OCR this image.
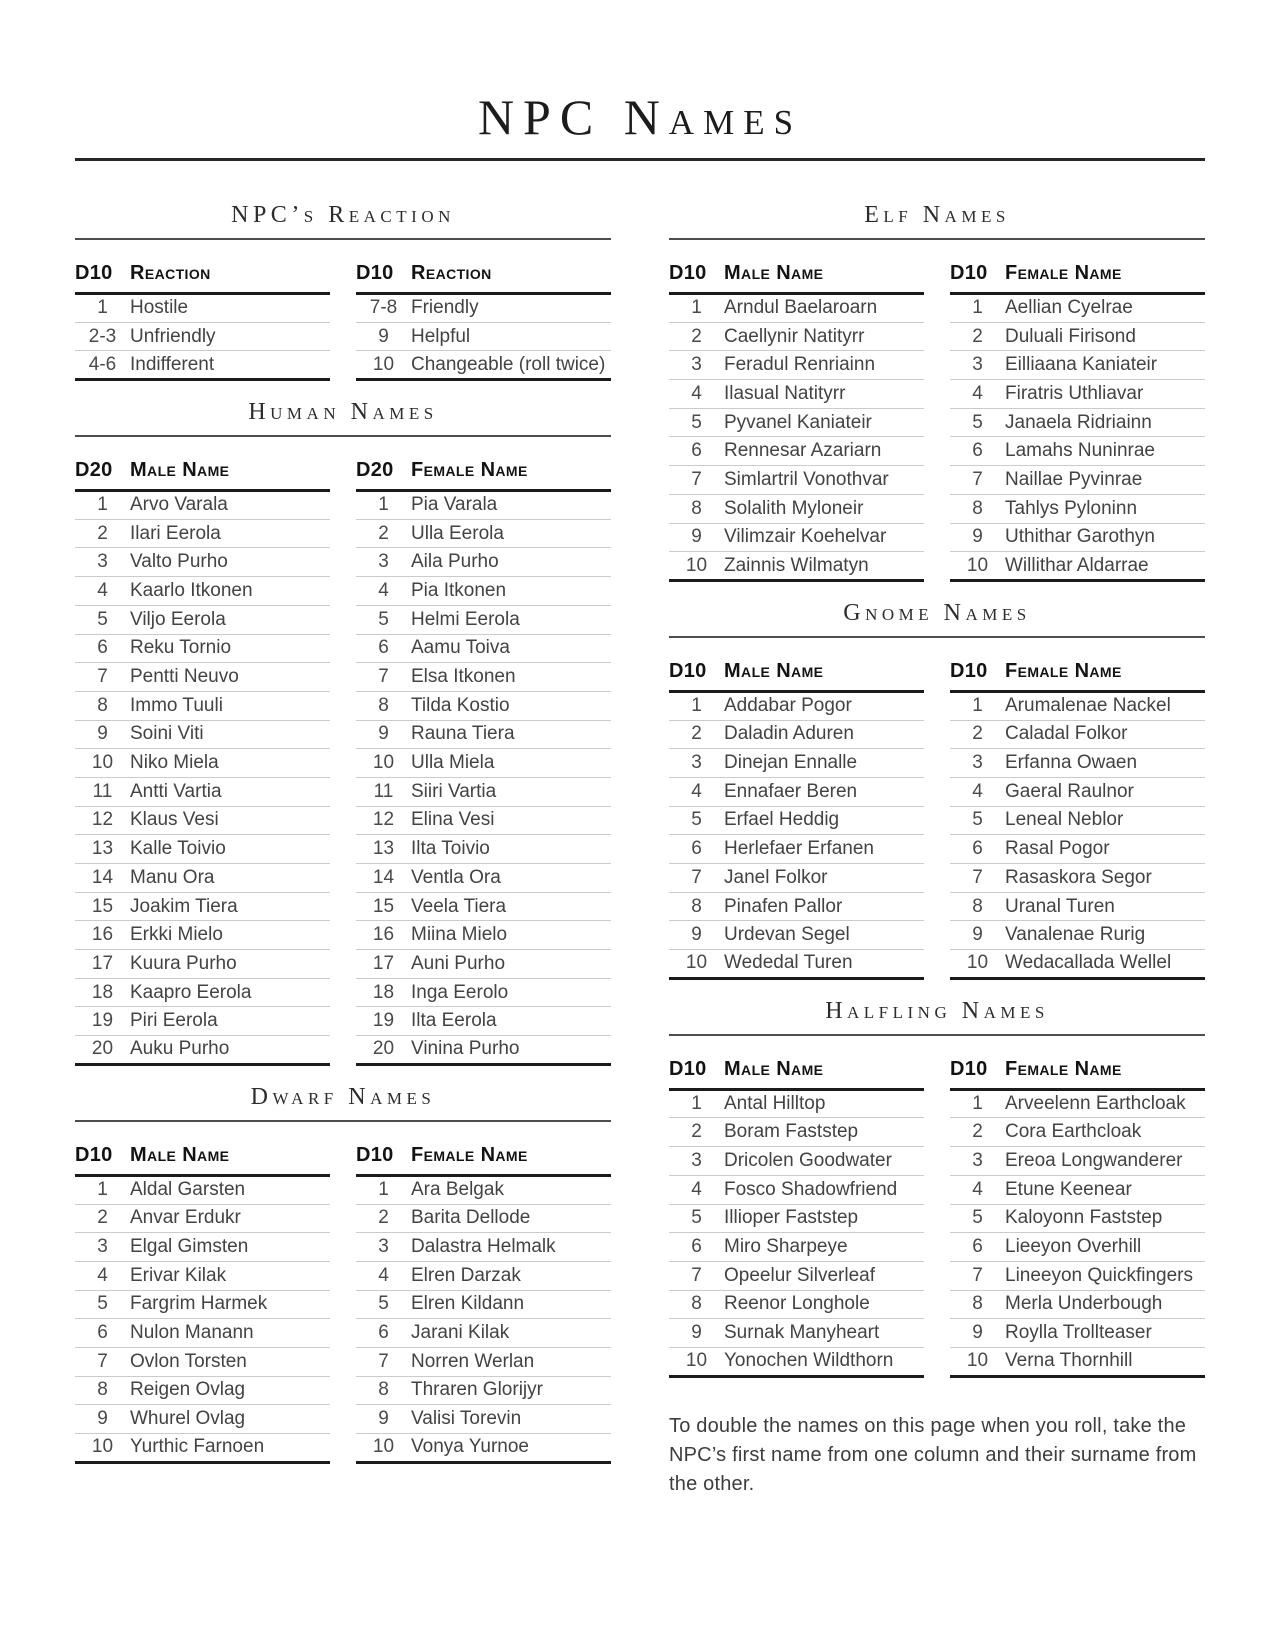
NPC Names
NPC’s Reaction
D10	Reaction
1	Hostile
2-3	Unfriendly
4-6	Indifferent
D10	Reaction
7-8	Friendly
9	Helpful
10	Changeable (roll twice)
Human Names
D20	Male Name
1	Arvo Varala
2	Ilari Eerola
3	Valto Purho
4	Kaarlo Itkonen
5	Viljo Eerola
6	Reku Tornio
7	Pentti Neuvo
8	Immo Tuuli
9	Soini Viti
10	Niko Miela
11	Antti Vartia
12	Klaus Vesi
13	Kalle Toivio
14	Manu Ora
15	Joakim Tiera
16	Erkki Mielo
17	Kuura Purho
18	Kaapro Eerola
19	Piri Eerola
20	Auku Purho
D20	Female Name
1	Pia Varala
2	Ulla Eerola
3	Aila Purho
4	Pia Itkonen
5	Helmi Eerola
6	Aamu Toiva
7	Elsa Itkonen
8	Tilda Kostio
9	Rauna Tiera
10	Ulla Miela
11	Siiri Vartia
12	Elina Vesi
13	Ilta Toivio
14	Ventla Ora
15	Veela Tiera
16	Miina Mielo
17	Auni Purho
18	Inga Eerolo
19	Ilta Eerola
20	Vinina Purho
Dwarf Names
D10	Male Name
1	Aldal Garsten
2	Anvar Erdukr
3	Elgal Gimsten
4	Erivar Kilak
5	Fargrim Harmek
6	Nulon Manann
7	Ovlon Torsten
8	Reigen Ovlag
9	Whurel Ovlag
10	Yurthic Farnoen
D10	Female Name
1	Ara Belgak
2	Barita Dellode
3	Dalastra Helmalk
4	Elren Darzak
5	Elren Kildann
6	Jarani Kilak
7	Norren Werlan
8	Thraren Glorijyr
9	Valisi Torevin
10	Vonya Yurnoe
Elf Names
D10	Male Name
1	Arndul Baelaroarn
2	Caellynir Natityrr
3	Feradul Renriainn
4	Ilasual Natityrr
5	Pyvanel Kaniateir
6	Rennesar Azariarn
7	Simlartril Vonothvar
8	Solalith Myloneir
9	Vilimzair Koehelvar
10	Zainnis Wilmatyn
D10	Female Name
1	Aellian Cyelrae
2	Duluali Firisond
3	Eilliaana Kaniateir
4	Firatris Uthliavar
5	Janaela Ridriainn
6	Lamahs Nuninrae
7	Naillae Pyvinrae
8	Tahlys Pyloninn
9	Uthithar Garothyn
10	Willithar Aldarrae
Gnome Names
D10	Male Name
1	Addabar Pogor
2	Daladin Aduren
3	Dinejan Ennalle
4	Ennafaer Beren
5	Erfael Heddig
6	Herlefaer Erfanen
7	Janel Folkor
8	Pinafen Pallor
9	Urdevan Segel
10	Wededal Turen
D10	Female Name
1	Arumalenae Nackel
2	Caladal Folkor
3	Erfanna Owaen
4	Gaeral Raulnor
5	Leneal Neblor
6	Rasal Pogor
7	Rasaskora Segor
8	Uranal Turen
9	Vanalenae Rurig
10	Wedacallada Wellel
Halfling Names
D10	Male Name
1	Antal Hilltop
2	Boram Faststep
3	Dricolen Goodwater
4	Fosco Shadowfriend
5	Illioper Faststep
6	Miro Sharpeye
7	Opeelur Silverleaf
8	Reenor Longhole
9	Surnak Manyheart
10	Yonochen Wildthorn
D10	Female Name
1	Arveelenn Earthcloak
2	Cora Earthcloak
3	Ereoa Longwanderer
4	Etune Keenear
5	Kaloyonn Faststep
6	Lieeyon Overhill
7	Lineeyon Quickfingers
8	Merla Underbough
9	Roylla Trollteaser
10	Verna Thornhill

To double the names on this page when you roll, take the NPC’s first name from one column and their surname from the other.
